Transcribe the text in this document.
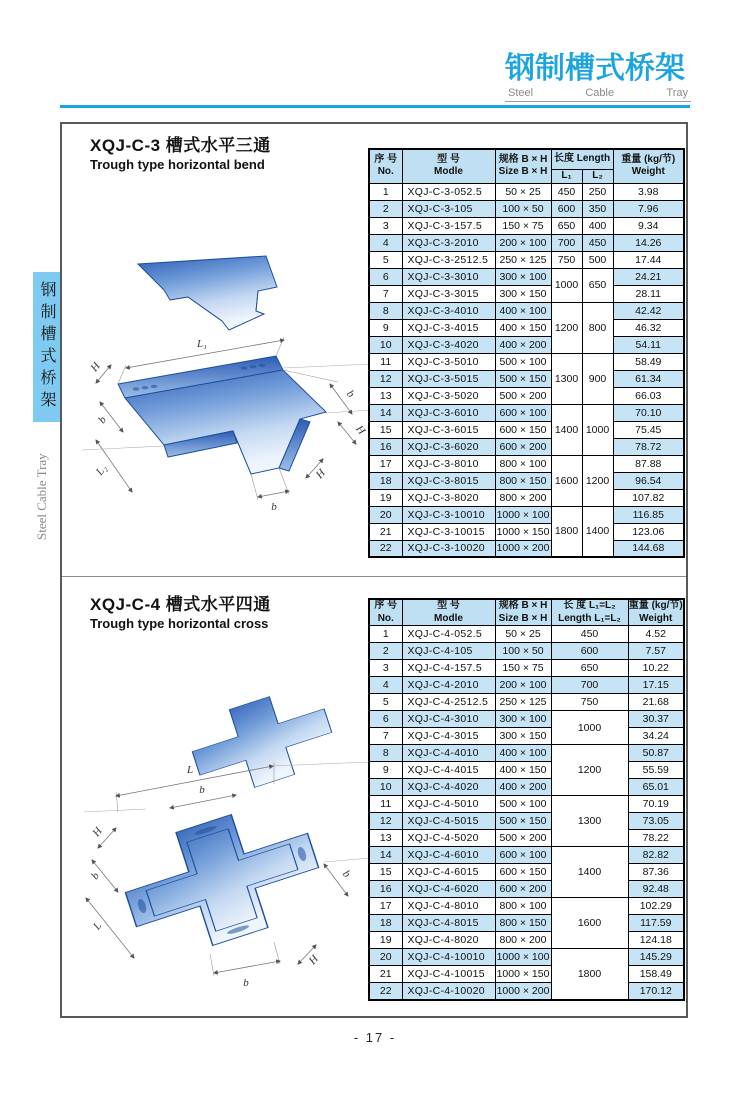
钢制槽式桥架
Steel	Cable	Tray
钢制槽式桥架
Steel Cable Tray
XQJ-C-3 槽式水平三通
Trough type horizontal bend
L₁
H
b
L₂
b
H
H
b
序 号
No.	型 号
Modle	规格 B × H
Size B × H	长度 Length		重量 (kg/节)
Weight

			L₁	L₂	
1	XQJ-C-3-052.5	50 × 25	450	250	3.98
2	XQJ-C-3-105	100 × 50	600	350	7.96
3	XQJ-C-3-157.5	150 × 75	650	400	9.34
4	XQJ-C-3-2010	200 × 100	700	450	14.26
5	XQJ-C-3-2512.5	250 × 125	750	500	17.44
6	XQJ-C-3-3010	300 × 100	1000	650	24.21
7	XQJ-C-3-3015	300 × 150			28.11
8	XQJ-C-3-4010	400 × 100	1200	800	42.42
9	XQJ-C-3-4015	400 × 150			46.32
10	XQJ-C-3-4020	400 × 200			54.11
11	XQJ-C-3-5010	500 × 100	1300	900	58.49
12	XQJ-C-3-5015	500 × 150			61.34
13	XQJ-C-3-5020	500 × 200			66.03
14	XQJ-C-3-6010	600 × 100	1400	1000	70.10
15	XQJ-C-3-6015	600 × 150			75.45
16	XQJ-C-3-6020	600 × 200			78.72
17	XQJ-C-3-8010	800 × 100	1600	1200	87.88
18	XQJ-C-3-8015	800 × 150			96.54
19	XQJ-C-3-8020	800 × 200			107.82
20	XQJ-C-3-10010	1000 × 100	1800	1400	116.85
21	XQJ-C-3-10015	1000 × 150			123.06
22	XQJ-C-3-10020	1000 × 200			144.68
XQJ-C-4 槽式水平四通
Trough type horizontal cross
L
b
H
b
L
b
H
b
序 号
No.	型 号
Modle	规格 B × H
Size B × H	长 度 L₁=L₂
Length L₁=L₂	重量 (kg/节)
Weight

1	XQJ-C-4-052.5	50 × 25	450	4.52
2	XQJ-C-4-105	100 × 50	600	7.57
3	XQJ-C-4-157.5	150 × 75	650	10.22
4	XQJ-C-4-2010	200 × 100	700	17.15
5	XQJ-C-4-2512.5	250 × 125	750	21.68
6	XQJ-C-4-3010	300 × 100	1000	30.37
7	XQJ-C-4-3015	300 × 150		34.24
8	XQJ-C-4-4010	400 × 100	1200	50.87
9	XQJ-C-4-4015	400 × 150		55.59
10	XQJ-C-4-4020	400 × 200		65.01
11	XQJ-C-4-5010	500 × 100	1300	70.19
12	XQJ-C-4-5015	500 × 150		73.05
13	XQJ-C-4-5020	500 × 200		78.22
14	XQJ-C-4-6010	600 × 100	1400	82.82
15	XQJ-C-4-6015	600 × 150		87.36
16	XQJ-C-4-6020	600 × 200		92.48
17	XQJ-C-4-8010	800 × 100	1600	102.29
18	XQJ-C-4-8015	800 × 150		117.59
19	XQJ-C-4-8020	800 × 200		124.18
20	XQJ-C-4-10010	1000 × 100	1800	145.29
21	XQJ-C-4-10015	1000 × 150		158.49
22	XQJ-C-4-10020	1000 × 200		170.12
- 17 -
